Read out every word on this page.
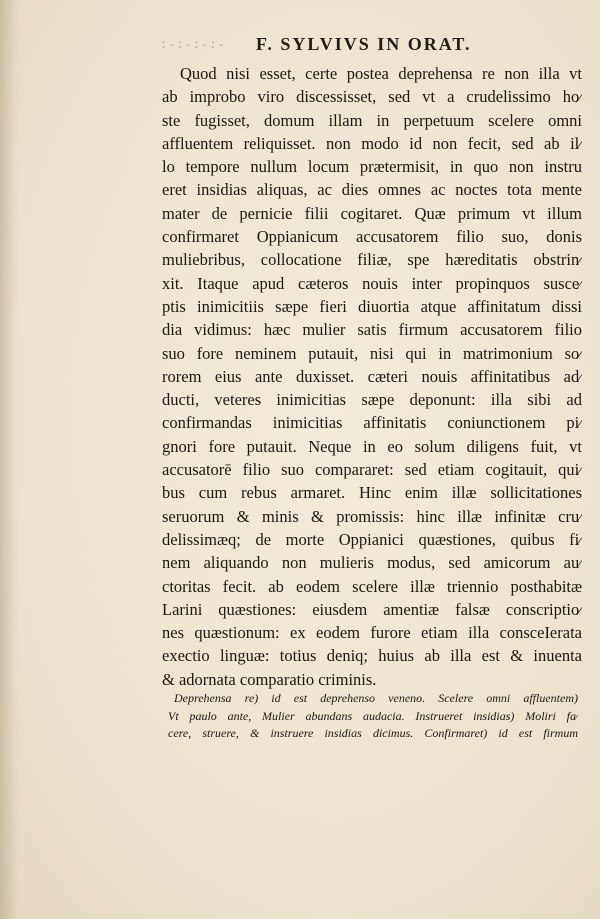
:-:-:-:- F. SYLVIVS IN ORAT.
Quod nisi esset, certe postea deprehensa re non illa vt
ab improbo viro discessisset, sed vt a crudelissimo ho⁄
ste fugisset, domum illam in perpetuum scelere omni
affluentem reliquisset. non modo id non fecit, sed ab il⁄
lo tempore nullum locum prætermisit, in quo non instru
eret insidias aliquas, ac dies omnes ac noctes tota mente
mater de pernicie filii cogitaret. Quæ primum vt illum
confirmaret Oppianicum accusatorem filio suo, donis
muliebribus, collocatione filiæ, spe hæreditatis obstrin⁄
xit. Itaque apud cæteros nouis inter propinquos susce⁄
ptis inimicitiis sæpe fieri diuortia atque affinitatum dissi
dia vidimus: hæc mulier satis firmum accusatorem filio
suo fore neminem putauit, nisi qui in matrimonium so⁄
rorem eius ante duxisset. cæteri nouis affinitatibus ad⁄
ducti, veteres inimicitias sæpe deponunt: illa sibi ad
confirmandas inimicitias affinitatis coniunctionem pi⁄
gnori fore putauit. Neque in eo solum diligens fuit, vt
accusatorē filio suo compararet: sed etiam cogitauit, qui⁄
bus cum rebus armaret. Hinc enim illæ sollicitationes
seruorum & minis & promissis: hinc illæ infinitæ cru⁄
delissimæq; de morte Oppianici quæstiones, quibus fi⁄
nem aliquando non mulieris modus, sed amicorum au⁄
ctoritas fecit. ab eodem scelere illæ triennio posthabitæ
Larini quæstiones: eiusdem amentiæ falsæ conscriptio⁄
nes quæstionum: ex eodem furore etiam illa consceIerata
exectio linguæ: totius deniq; huius ab illa est & inuenta
& adornata comparatio criminis.
Deprehensa re) id est deprehenso veneno. Scelere omni affluentem)
Vt paulo ante, Mulier abundans audacia. Instrueret insidias) Moliri fa⁄
cere, struere, & instruere insidias dicimus. Confirmaret) id est firmum
